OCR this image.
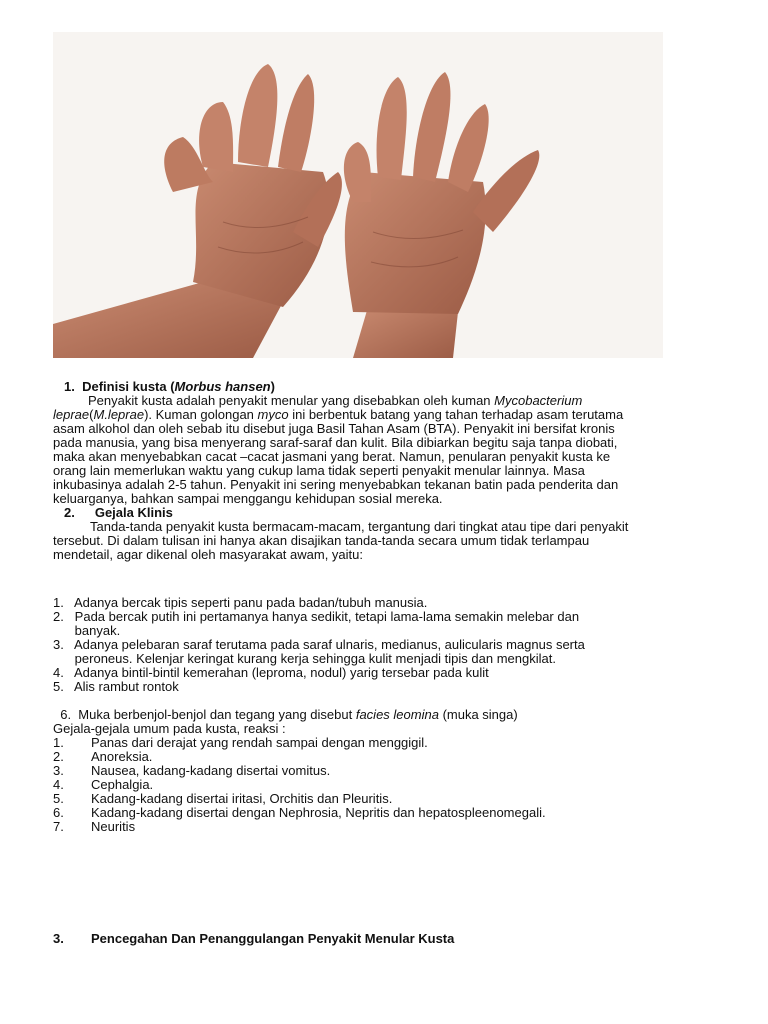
1. Definisi kusta (Morbus hansen)
Penyakit kusta adalah penyakit menular yang disebabkan oleh kuman Mycobacterium
leprae(M.leprae). Kuman golongan myco ini berbentuk batang yang tahan terhadap asam terutama
asam alkohol dan oleh sebab itu disebut juga Basil Tahan Asam (BTA). Penyakit ini bersifat kronis
pada manusia, yang bisa menyerang saraf-saraf dan kulit. Bila dibiarkan begitu saja tanpa diobati,
maka akan menyebabkan cacat –cacat jasmani yang berat. Namun, penularan penyakit kusta ke
orang lain memerlukan waktu yang cukup lama tidak seperti penyakit menular lainnya. Masa
inkubasinya adalah 2-5 tahun. Penyakit ini sering menyebabkan tekanan batin pada penderita dan
keluarganya, bahkan sampai menggangu kehidupan sosial mereka.
2. Gejala Klinis
Tanda-tanda penyakit kusta bermacam-macam, tergantung dari tingkat atau tipe dari penyakit
tersebut. Di dalam tulisan ini hanya akan disajikan tanda-tanda secara umum tidak terlampau
mendetail, agar dikenal oleh masyarakat awam, yaitu:
1.   Adanya bercak tipis seperti panu pada badan/tubuh manusia.
2.   Pada bercak putih ini pertamanya hanya sedikit, tetapi lama-lama semakin melebar dan
banyak.
3.   Adanya pelebaran saraf terutama pada saraf ulnaris, medianus, aulicularis magnus serta
peroneus. Kelenjar keringat kurang kerja sehingga kulit menjadi tipis dan mengkilat.
4.   Adanya bintil-bintil kemerahan (leproma, nodul) yarig tersebar pada kulit
5.   Alis rambut rontok

6.  Muka berbenjol-benjol dan tegang yang disebut facies leomina (muka singa)

Gejala-gejala umum pada kusta, reaksi :
1. Panas dari derajat yang rendah sampai dengan menggigil.
2. Anoreksia.
3. Nausea, kadang-kadang disertai vomitus.
4. Cephalgia.
5. Kadang-kadang disertai iritasi, Orchitis dan Pleuritis.
6. Kadang-kadang disertai dengan Nephrosia, Nepritis dan hepatospleenomegali.
7. Neuritis
3. Pencegahan Dan Penanggulangan Penyakit Menular Kusta
